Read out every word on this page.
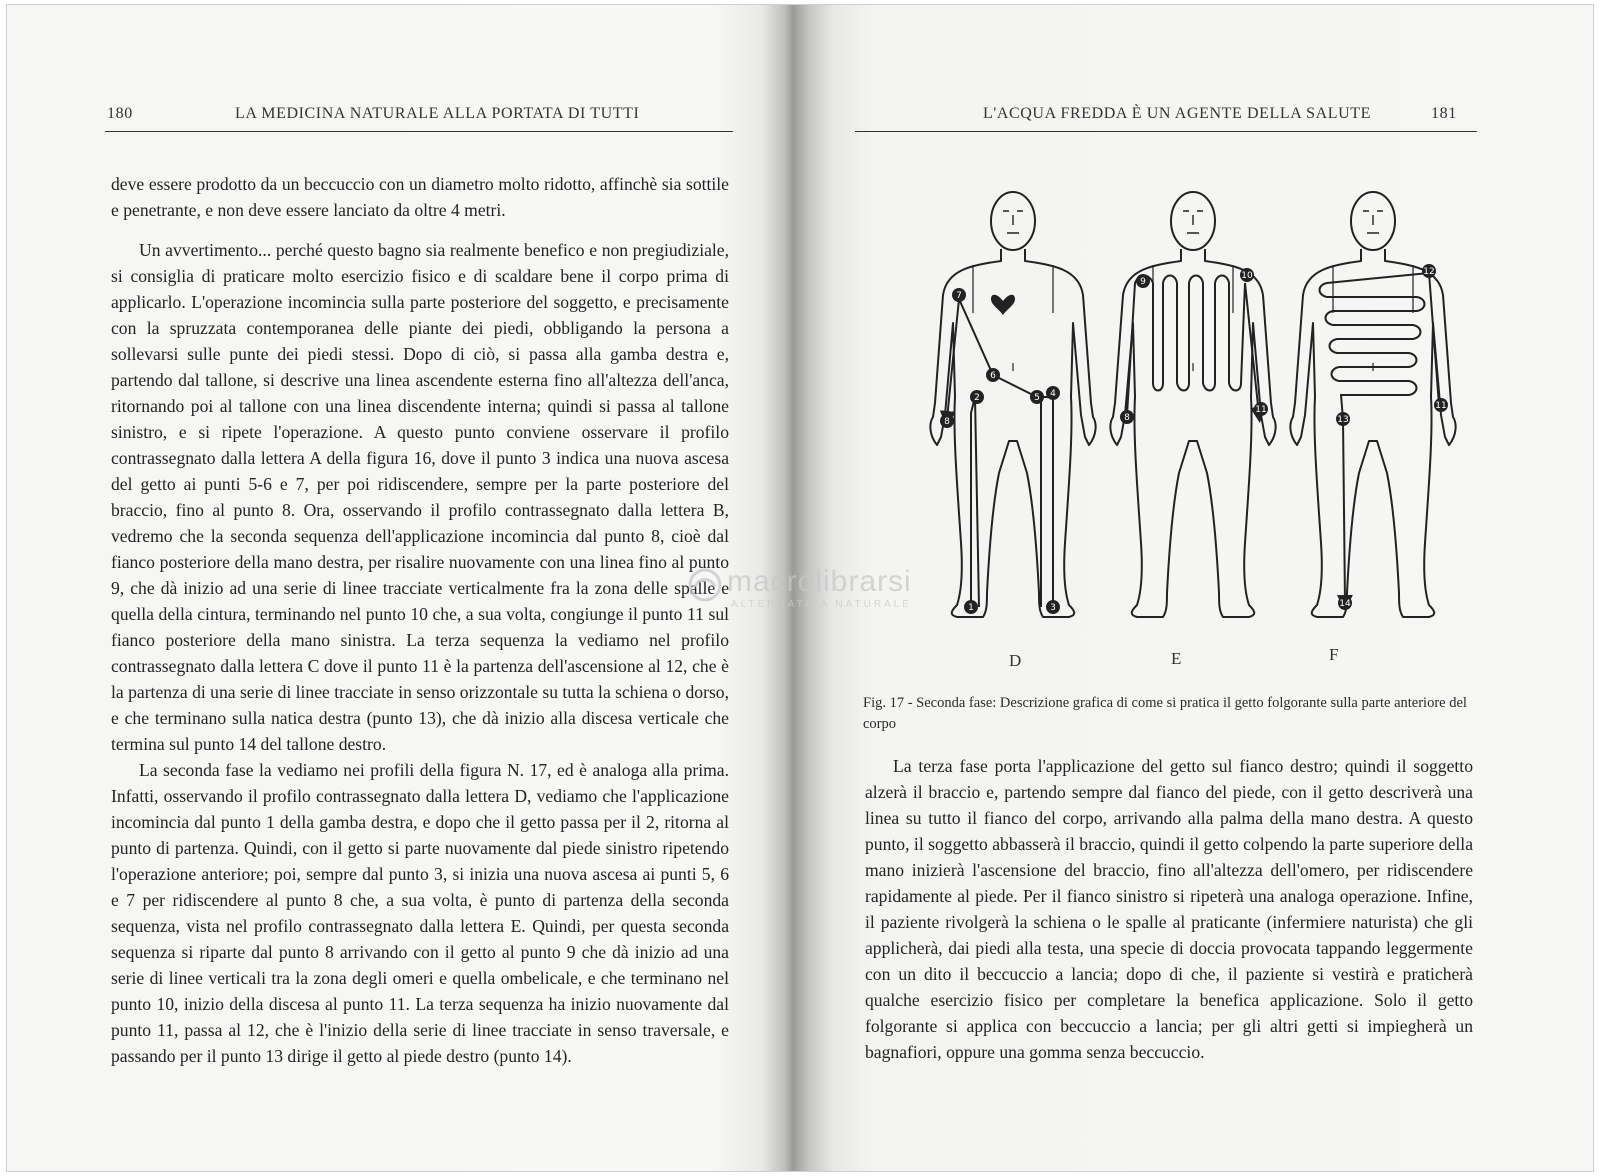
180	LA MEDICINA NATURALE ALLA PORTATA DI TUTTI

deve essere prodotto da un beccuccio con un diametro molto ridotto, affinchè sia sottile e penetrante, e non deve essere lanciato da oltre 4 metri.

Un avvertimento... perché questo bagno sia realmente benefico e non pregiudiziale, si consiglia di praticare molto esercizio fisico e di scaldare bene il corpo prima di applicarlo. L'operazione incomincia sulla parte posteriore del soggetto, e precisamente con la spruzzata contemporanea delle piante dei piedi, obbligando la persona a sollevarsi sulle punte dei piedi stessi. Dopo di ciò, si passa alla gamba destra e, partendo dal tallone, si descrive una linea ascendente esterna fino all'altezza dell'anca, ritornando poi al tallone con una linea discendente interna; quindi si passa al tallone sinistro, e si ripete l'operazione. A questo punto conviene osservare il profilo contrassegnato dalla lettera A della figura 16, dove il punto 3 indica una nuova ascesa del getto ai punti 5-6 e 7, per poi ridiscendere, sempre per la parte posteriore del braccio, fino al punto 8. Ora, osservando il profilo contrassegnato dalla lettera B, vedremo che la seconda sequenza dell'applicazione incomincia dal punto 8, cioè dal fianco posteriore della mano destra, per risalire nuovamente con una linea fino al punto 9, che dà inizio ad una serie di linee tracciate verticalmente fra la zona delle spalle e quella della cintura, terminando nel punto 10 che, a sua volta, congiunge il punto 11 sul fianco posteriore della mano sinistra. La terza sequenza la vediamo nel profilo contrassegnato dalla lettera C dove il punto 11 è la partenza dell'ascensione al 12, che è la partenza di una serie di linee tracciate in senso orizzontale su tutta la schiena o dorso, e che terminano sulla natica destra (punto 13), che dà inizio alla discesa verticale che termina sul punto 14 del tallone destro.

La seconda fase la vediamo nei profili della figura N. 17, ed è analoga alla prima. Infatti, osservando il profilo contrassegnato dalla lettera D, vediamo che l'applicazione incomincia dal punto 1 della gamba destra, e dopo che il getto passa per il 2, ritorna al punto di partenza. Quindi, con il getto si parte nuovamente dal piede sinistro ripetendo l'operazione anteriore; poi, sempre dal punto 3, si inizia una nuova ascesa ai punti 5, 6 e 7 per ridiscendere al punto 8 che, a sua volta, è punto di partenza della seconda sequenza, vista nel profilo contrassegnato dalla lettera E. Quindi, per questa seconda sequenza si riparte dal punto 8 arrivando con il getto al punto 9 che dà inizio ad una serie di linee verticali tra la zona degli omeri e quella ombelicale, e che terminano nel punto 10, inizio della discesa al punto 11. La terza sequenza ha inizio nuovamente dal punto 11, passa al 12, che è l'inizio della serie di linee tracciate in senso traversale, e passando per il punto 13 dirige il getto al piede destro (punto 14).

L'ACQUA FREDDA È UN AGENTE DELLA SALUTE	181
1
2
3
4
5
6
7
8	8
9
10
11	11
12
13
14
D	E	F
Fig. 17 - Seconda fase: Descrizione grafica di come si pratica il getto folgorante sulla parte anteriore del corpo

La terza fase porta l'applicazione del getto sul fianco destro; quindi il soggetto alzerà il braccio e, partendo sempre dal fianco del piede, con il getto descriverà una linea su tutto il fianco del corpo, arrivando alla palma della mano destra. A questo punto, il soggetto abbasserà il braccio, quindi il getto colpendo la parte superiore della mano inizierà l'ascensione del braccio, fino all'altezza dell'omero, per ridiscendere rapidamente al piede. Per il fianco sinistro si ripeterà una analoga operazione. Infine, il paziente rivolgerà la schiena o le spalle al praticante (infermiere naturista) che gli applicherà, dai piedi alla testa, una specie di doccia provocata tappando leggermente con un dito il beccuccio a lancia; dopo di che, il paziente si vestirà e praticherà qualche esercizio fisico per completare la benefica applicazione. Solo il getto folgorante si applica con beccuccio a lancia; per gli altri getti si impiegherà un bagnafiori, oppure una gomma senza beccuccio.

macrolibrarsi
ALTERNATIVA NATURALE
